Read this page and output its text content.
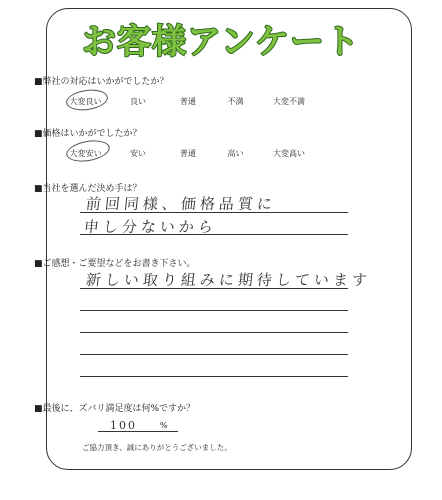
お客様アンケート
■弊社の対応はいかがでしたか？
大変良い	良い	普通	不満	大変不満
■価格はいかがでしたか？
大変安い	安い	普通	高い	大変高い
■当社を選んだ決め手は？
前回同様、価格品質に
申し分ないから
■ご感想・ご要望などをお書き下さい。
新しい取り組みに期待しています
■最後に、ズバリ満足度は何%ですか？
100	%
ご協力頂き、誠にありがとうございました。
